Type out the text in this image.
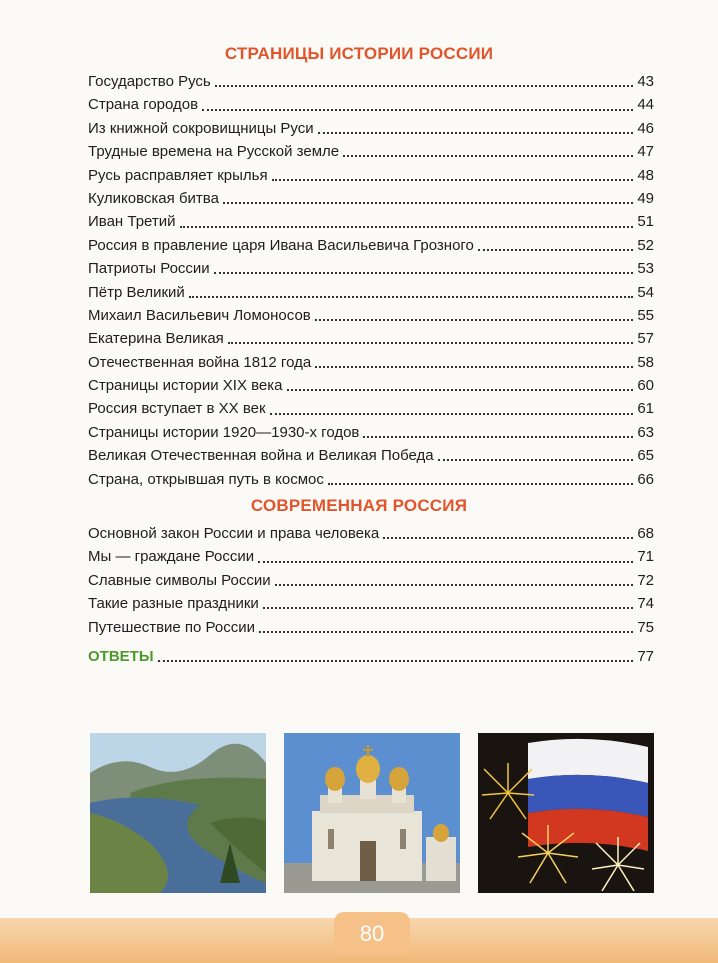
СТРАНИЦЫ ИСТОРИИ РОССИИ
Государство Русь	43
Страна городов	44
Из книжной сокровищницы Руси	46
Трудные времена на Русской земле	47
Русь расправляет крылья	48
Куликовская битва	49
Иван Третий	51
Россия в правление царя Ивана Васильевича Грозного	52
Патриоты России	53
Пётр Великий	54
Михаил Васильевич Ломоносов	55
Екатерина Великая	57
Отечественная война 1812 года	58
Страницы истории XIX века	60
Россия вступает в XX век	61
Страницы истории 1920—1930-х годов	63
Великая Отечественная война и Великая Победа	65
Страна, открывшая путь в космос	66
СОВРЕМЕННАЯ РОССИЯ
Основной закон России и права человека	68
Мы — граждане России	71
Славные символы России	72
Такие разные праздники	74
Путешествие по России	75
ОТВЕТЫ	77
80
